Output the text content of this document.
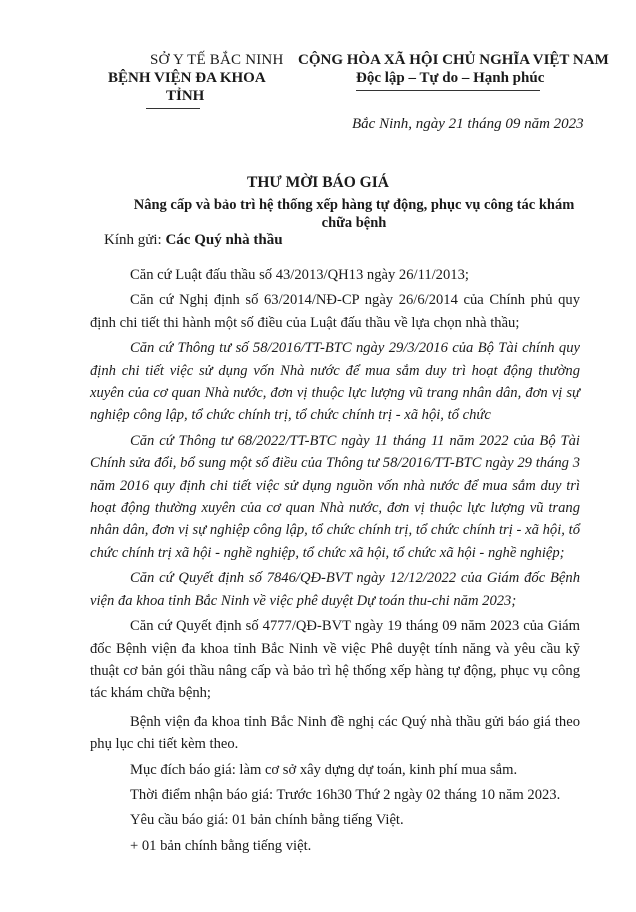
SỞ Y TẾ BẮC NINH
BỆNH VIỆN ĐA KHOA
TỈNH
CỘNG HÒA XÃ HỘI CHỦ NGHĨA VIỆT NAM
Độc lập – Tự do – Hạnh phúc
Bắc Ninh, ngày 21 tháng 09 năm 2023
THƯ MỜI BÁO GIÁ
Nâng cấp và bảo trì hệ thống xếp hàng tự động, phục vụ công tác khám chữa bệnh
Kính gửi: Các Quý nhà thầu

Căn cứ Luật đấu thầu số 43/2013/QH13 ngày 26/11/2013;

Căn cứ Nghị định số 63/2014/NĐ-CP ngày 26/6/2014 của Chính phủ quy định chi tiết thi hành một số điều của Luật đấu thầu về lựa chọn nhà thầu;

Căn cứ Thông tư số 58/2016/TT-BTC ngày 29/3/2016 của Bộ Tài chính quy định chi tiết việc sử dụng vốn Nhà nước để mua sắm duy trì hoạt động thường xuyên của cơ quan Nhà nước, đơn vị thuộc lực lượng vũ trang nhân dân, đơn vị sự nghiệp công lập, tổ chức chính trị, tổ chức chính trị - xã hội, tổ chức

Căn cứ Thông tư 68/2022/TT-BTC ngày 11 tháng 11 năm 2022 của Bộ Tài Chính sửa đổi, bổ sung một số điều của Thông tư 58/2016/TT-BTC ngày 29 tháng 3 năm 2016 quy định chi tiết việc sử dụng nguồn vốn nhà nước để mua sắm duy trì hoạt động thường xuyên của cơ quan Nhà nước, đơn vị thuộc lực lượng vũ trang nhân dân, đơn vị sự nghiệp công lập, tổ chức chính trị, tổ chức chính trị - xã hội, tổ chức chính trị xã hội - nghề nghiệp, tổ chức xã hội, tổ chức xã hội - nghề nghiệp;

Căn cứ Quyết định số 7846/QĐ-BVT ngày 12/12/2022 của Giám đốc Bệnh viện đa khoa tỉnh Bắc Ninh về việc phê duyệt Dự toán thu-chi năm 2023;

Căn cứ Quyết định số 4777/QĐ-BVT ngày 19 tháng 09 năm 2023 của Giám đốc Bệnh viện đa khoa tỉnh Bắc Ninh về việc Phê duyệt tính năng và yêu cầu kỹ thuật cơ bản gói thầu nâng cấp và bảo trì hệ thống xếp hàng tự động, phục vụ công tác khám chữa bệnh;

Bệnh viện đa khoa tỉnh Bắc Ninh đề nghị các Quý nhà thầu gửi báo giá theo phụ lục chi tiết kèm theo.

Mục đích báo giá: làm cơ sở xây dựng dự toán, kinh phí mua sắm.

Thời điểm nhận báo giá: Trước 16h30 Thứ 2 ngày 02 tháng 10 năm 2023.

Yêu cầu báo giá: 01 bản chính bằng tiếng Việt.

+ 01 bản chính bằng tiếng việt.
